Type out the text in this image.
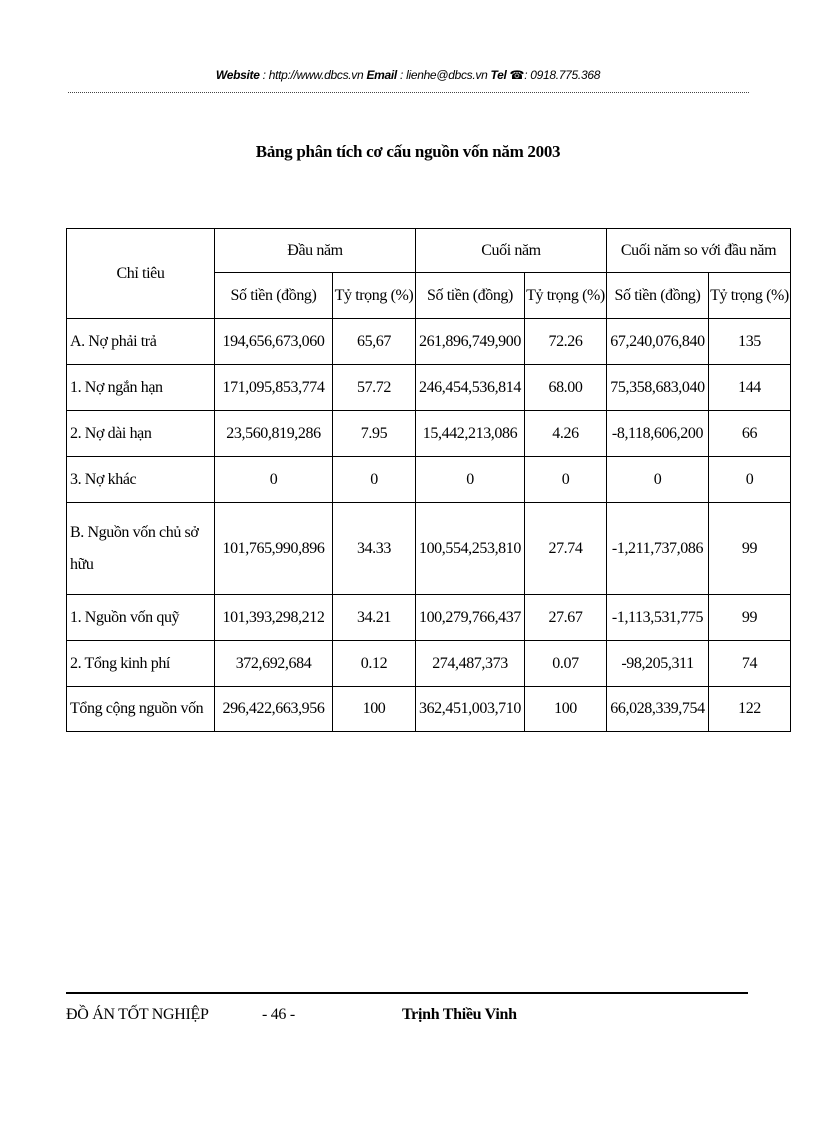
Website : http://www.dbcs.vn Email : lienhe@dbcs.vn Tel ☎: 0918.775.368
Bảng phân tích cơ cấu nguồn vốn năm 2003
Chỉ tiêu	Đầu năm		Cuối năm		Cuối năm so với đầu năm	
	Số tiền (đồng)	Tỷ trọng (%)	Số tiền (đồng)	Tỷ trọng (%)	Số tiền (đồng)	Tỷ trọng (%)
A. Nợ phải trả	194,656,673,060	65,67	261,896,749,900	72.26	67,240,076,840	135
1. Nợ ngắn hạn	171,095,853,774	57.72	246,454,536,814	68.00	75,358,683,040	144
2. Nợ dài hạn	23,560,819,286	7.95	15,442,213,086	4.26	-8,118,606,200	66
3. Nợ khác	0	0	0	0	0	0
B. Nguồn vốn chủ sở hữu	101,765,990,896	34.33	100,554,253,810	27.74	-1,211,737,086	99
1. Nguồn vốn quỹ	101,393,298,212	34.21	100,279,766,437	27.67	-1,113,531,775	99
2. Tổng kinh phí	372,692,684	0.12	274,487,373	0.07	-98,205,311	74
Tổng cộng nguồn vốn	296,422,663,956	100	362,451,003,710	100	66,028,339,754	122
ĐỒ ÁN TỐT NGHIỆP	- 46 -	Trịnh Thiều Vinh
